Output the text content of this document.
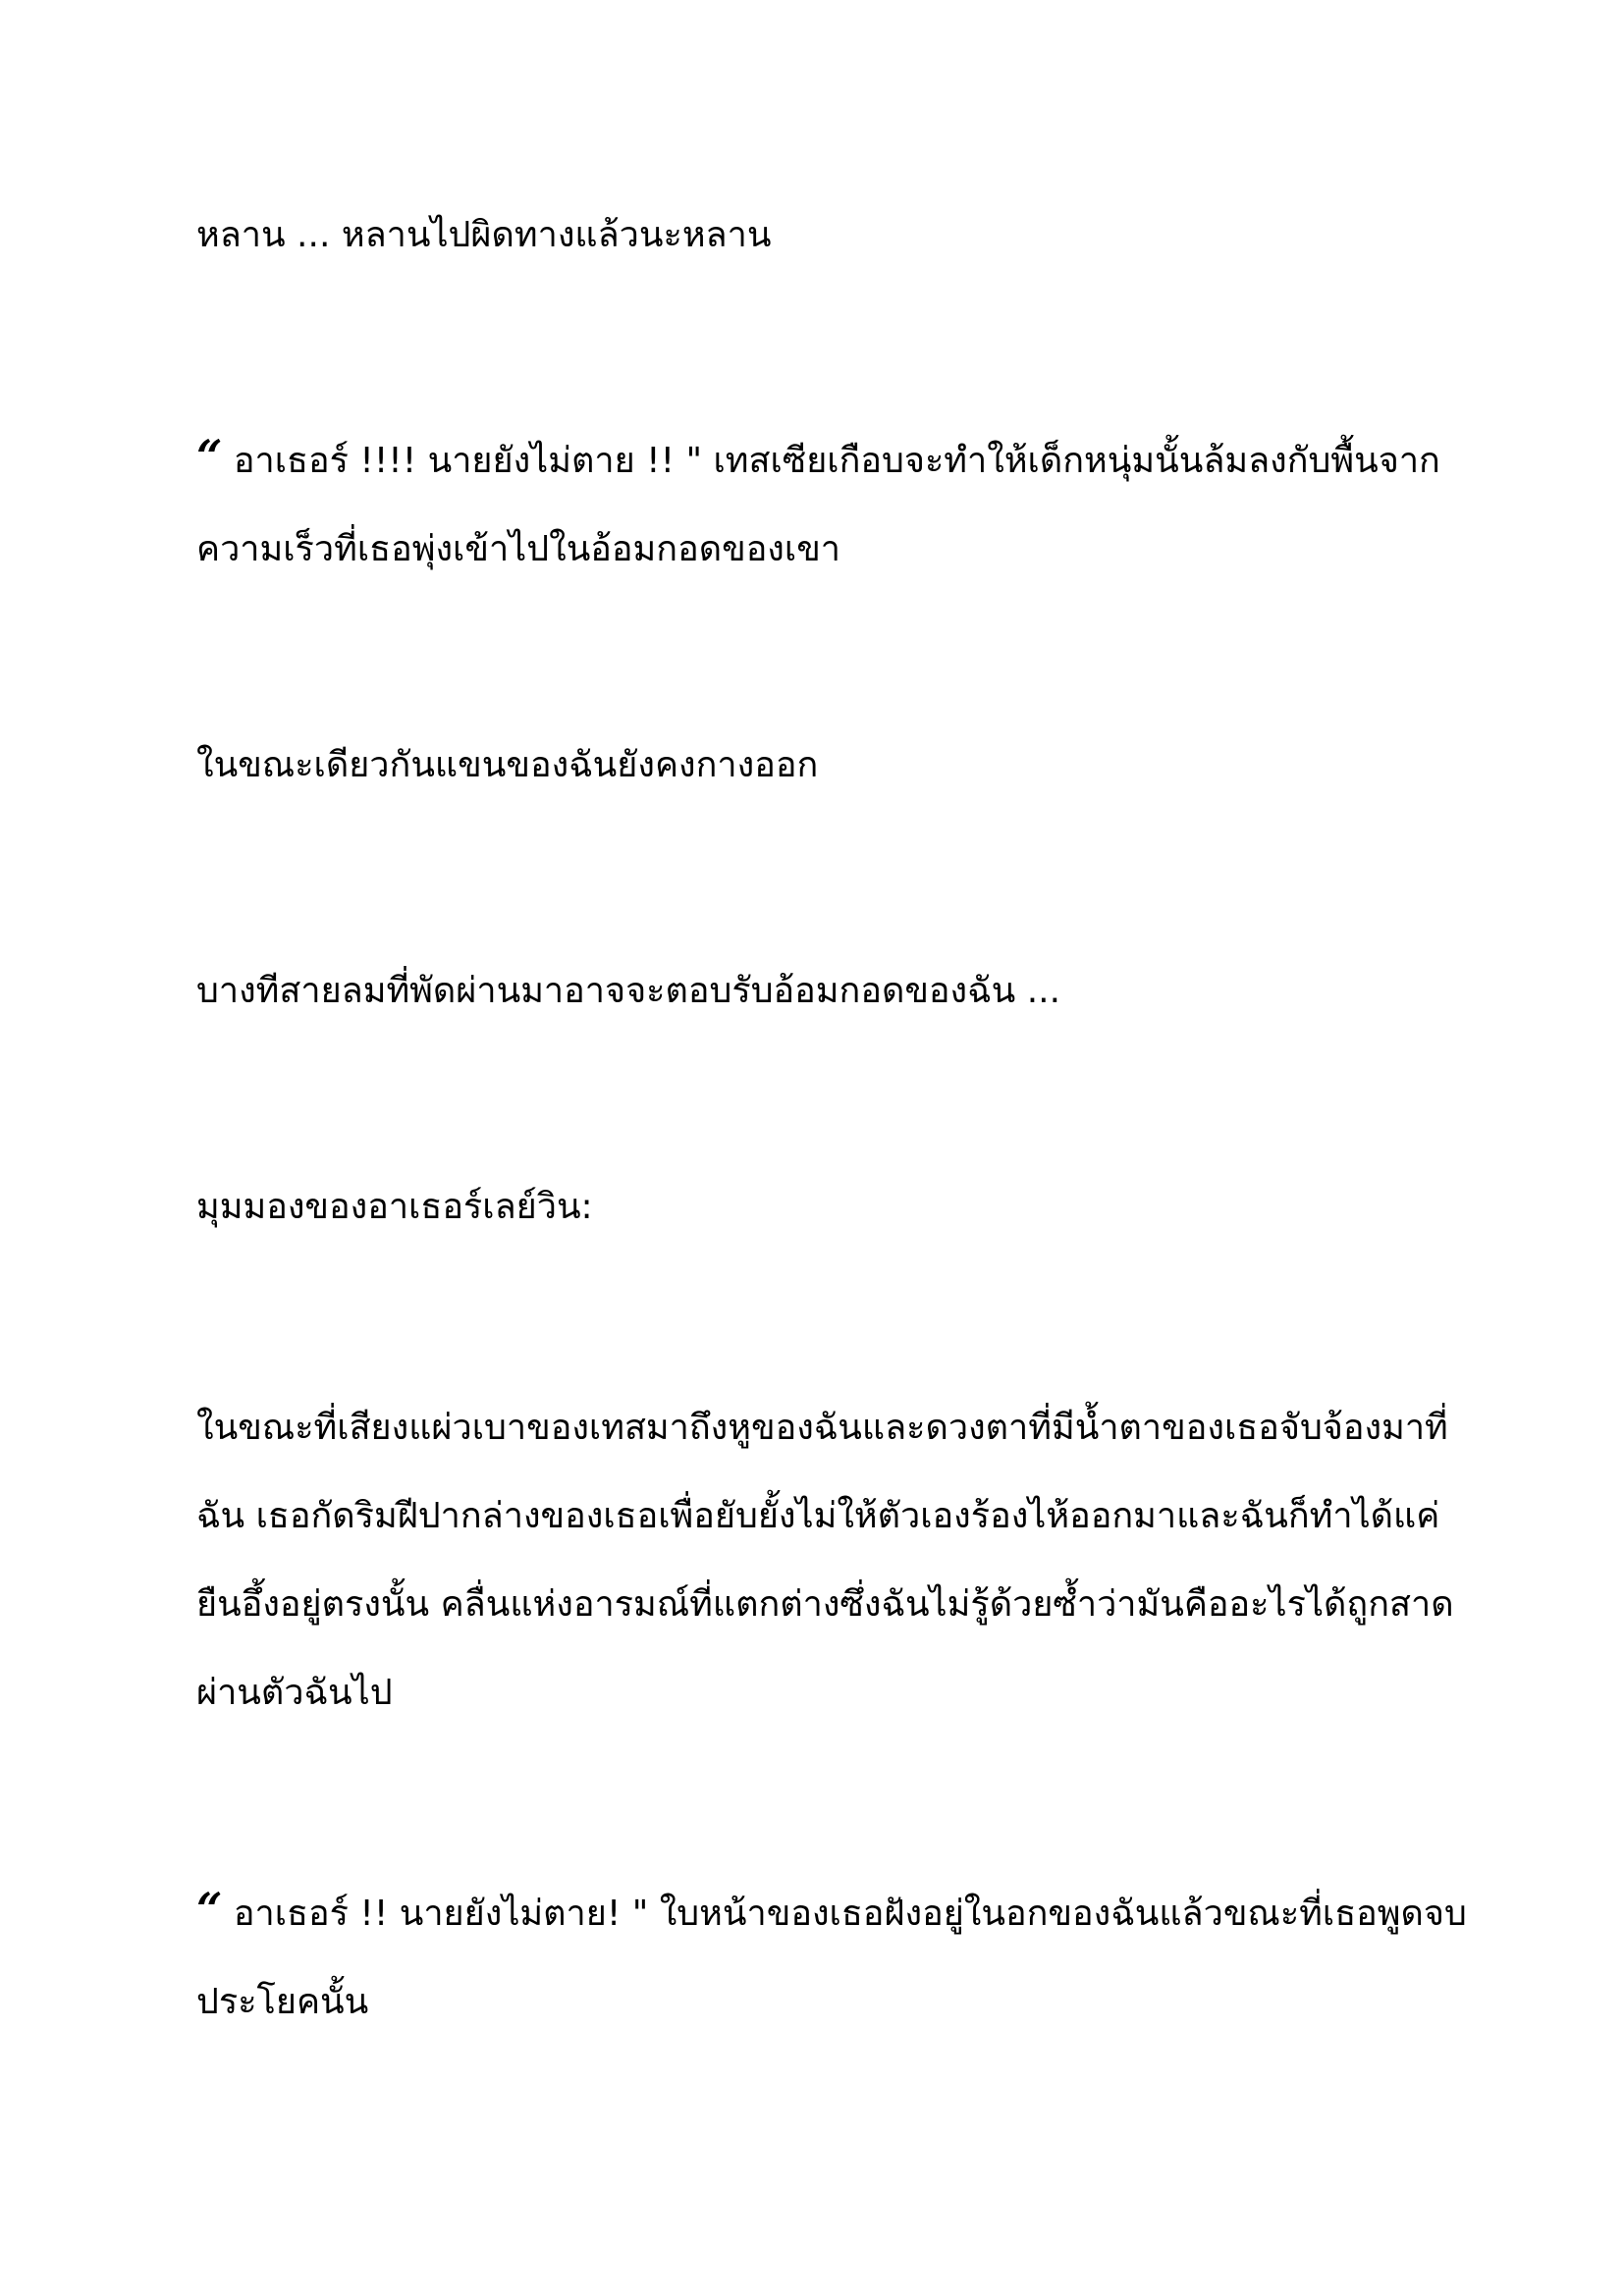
หลาน ... หลานไปผิดทางแล้วนะหลาน

“ อาเธอร์ !!!! นายยังไม่ตาย !! " เทสเซียเกือบจะทำให้เด็กหนุ่มนั้นล้มลงกับพื้นจาก
ความเร็วที่เธอพุ่งเข้าไปในอ้อมกอดของเขา

ในขณะเดียวกันแขนของฉันยังคงกางออก

บางทีสายลมที่พัดผ่านมาอาจจะตอบรับอ้อมกอดของฉัน ...

มุมมองของอาเธอร์เลย์วิน:

ในขณะที่เสียงแผ่วเบาของเทสมาถึงหูของฉันและดวงตาที่มีน้ำตาของเธอจับจ้องมาที่
ฉัน เธอกัดริมฝีปากล่างของเธอเพื่อยับยั้งไม่ให้ตัวเองร้องไห้ออกมาและฉันก็ทำได้แค่
ยืนอึ้งอยู่ตรงนั้น คลื่นแห่งอารมณ์ที่แตกต่างซึ่งฉันไม่รู้ด้วยซ้ำว่ามันคืออะไรได้ถูกสาด
ผ่านตัวฉันไป

“ อาเธอร์ !! นายยังไม่ตาย! " ใบหน้าของเธอฝังอยู่ในอกของฉันแล้วขณะที่เธอพูดจบ
ประโยคนั้น
